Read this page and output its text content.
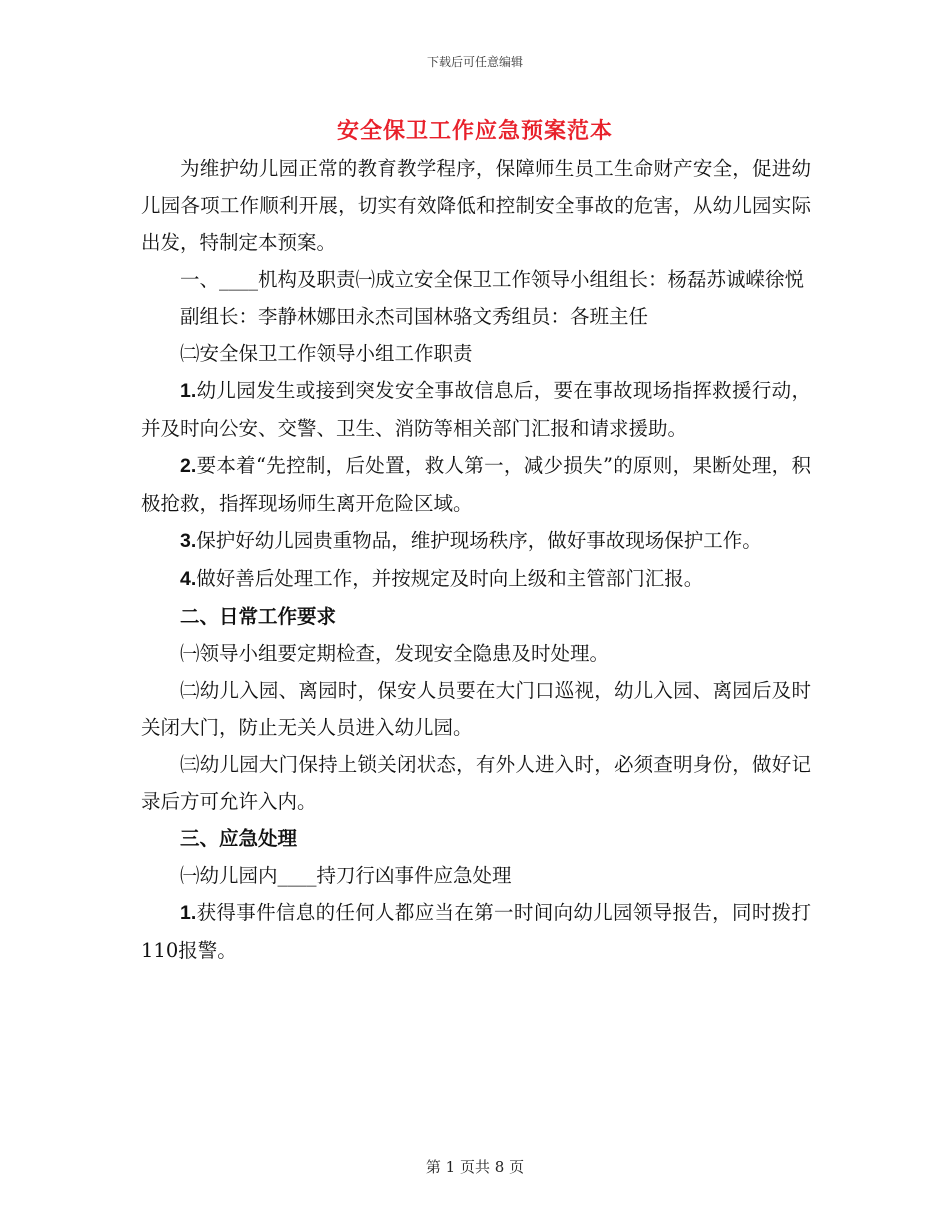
下载后可任意编辑
安全保卫工作应急预案范本

为维护幼儿园正常的教育教学程序，保障师生员工生命财产安全，促进幼儿园各项工作顺利开展，切实有效降低和控制安全事故的危害，从幼儿园实际出发，特制定本预案。

一、____机构及职责㈠成立安全保卫工作领导小组组长：杨磊苏诚嵘徐悦

副组长：李静林娜田永杰司国林骆文秀组员：各班主任

㈡安全保卫工作领导小组工作职责

1.幼儿园发生或接到突发安全事故信息后，要在事故现场指挥救援行动，并及时向公安、交警、卫生、消防等相关部门汇报和请求援助。

2.要本着“先控制，后处置，救人第一，减少损失”的原则，果断处理，积极抢救，指挥现场师生离开危险区域。

3.保护好幼儿园贵重物品，维护现场秩序，做好事故现场保护工作。

4.做好善后处理工作，并按规定及时向上级和主管部门汇报。

二、日常工作要求

㈠领导小组要定期检查，发现安全隐患及时处理。

㈡幼儿入园、离园时，保安人员要在大门口巡视，幼儿入园、离园后及时关闭大门，防止无关人员进入幼儿园。

㈢幼儿园大门保持上锁关闭状态，有外人进入时，必须查明身份，做好记录后方可允许入内。

三、应急处理

㈠幼儿园内____持刀行凶事件应急处理

1.获得事件信息的任何人都应当在第一时间向幼儿园领导报告，同时拨打110报警。

第 1 页共 8 页
